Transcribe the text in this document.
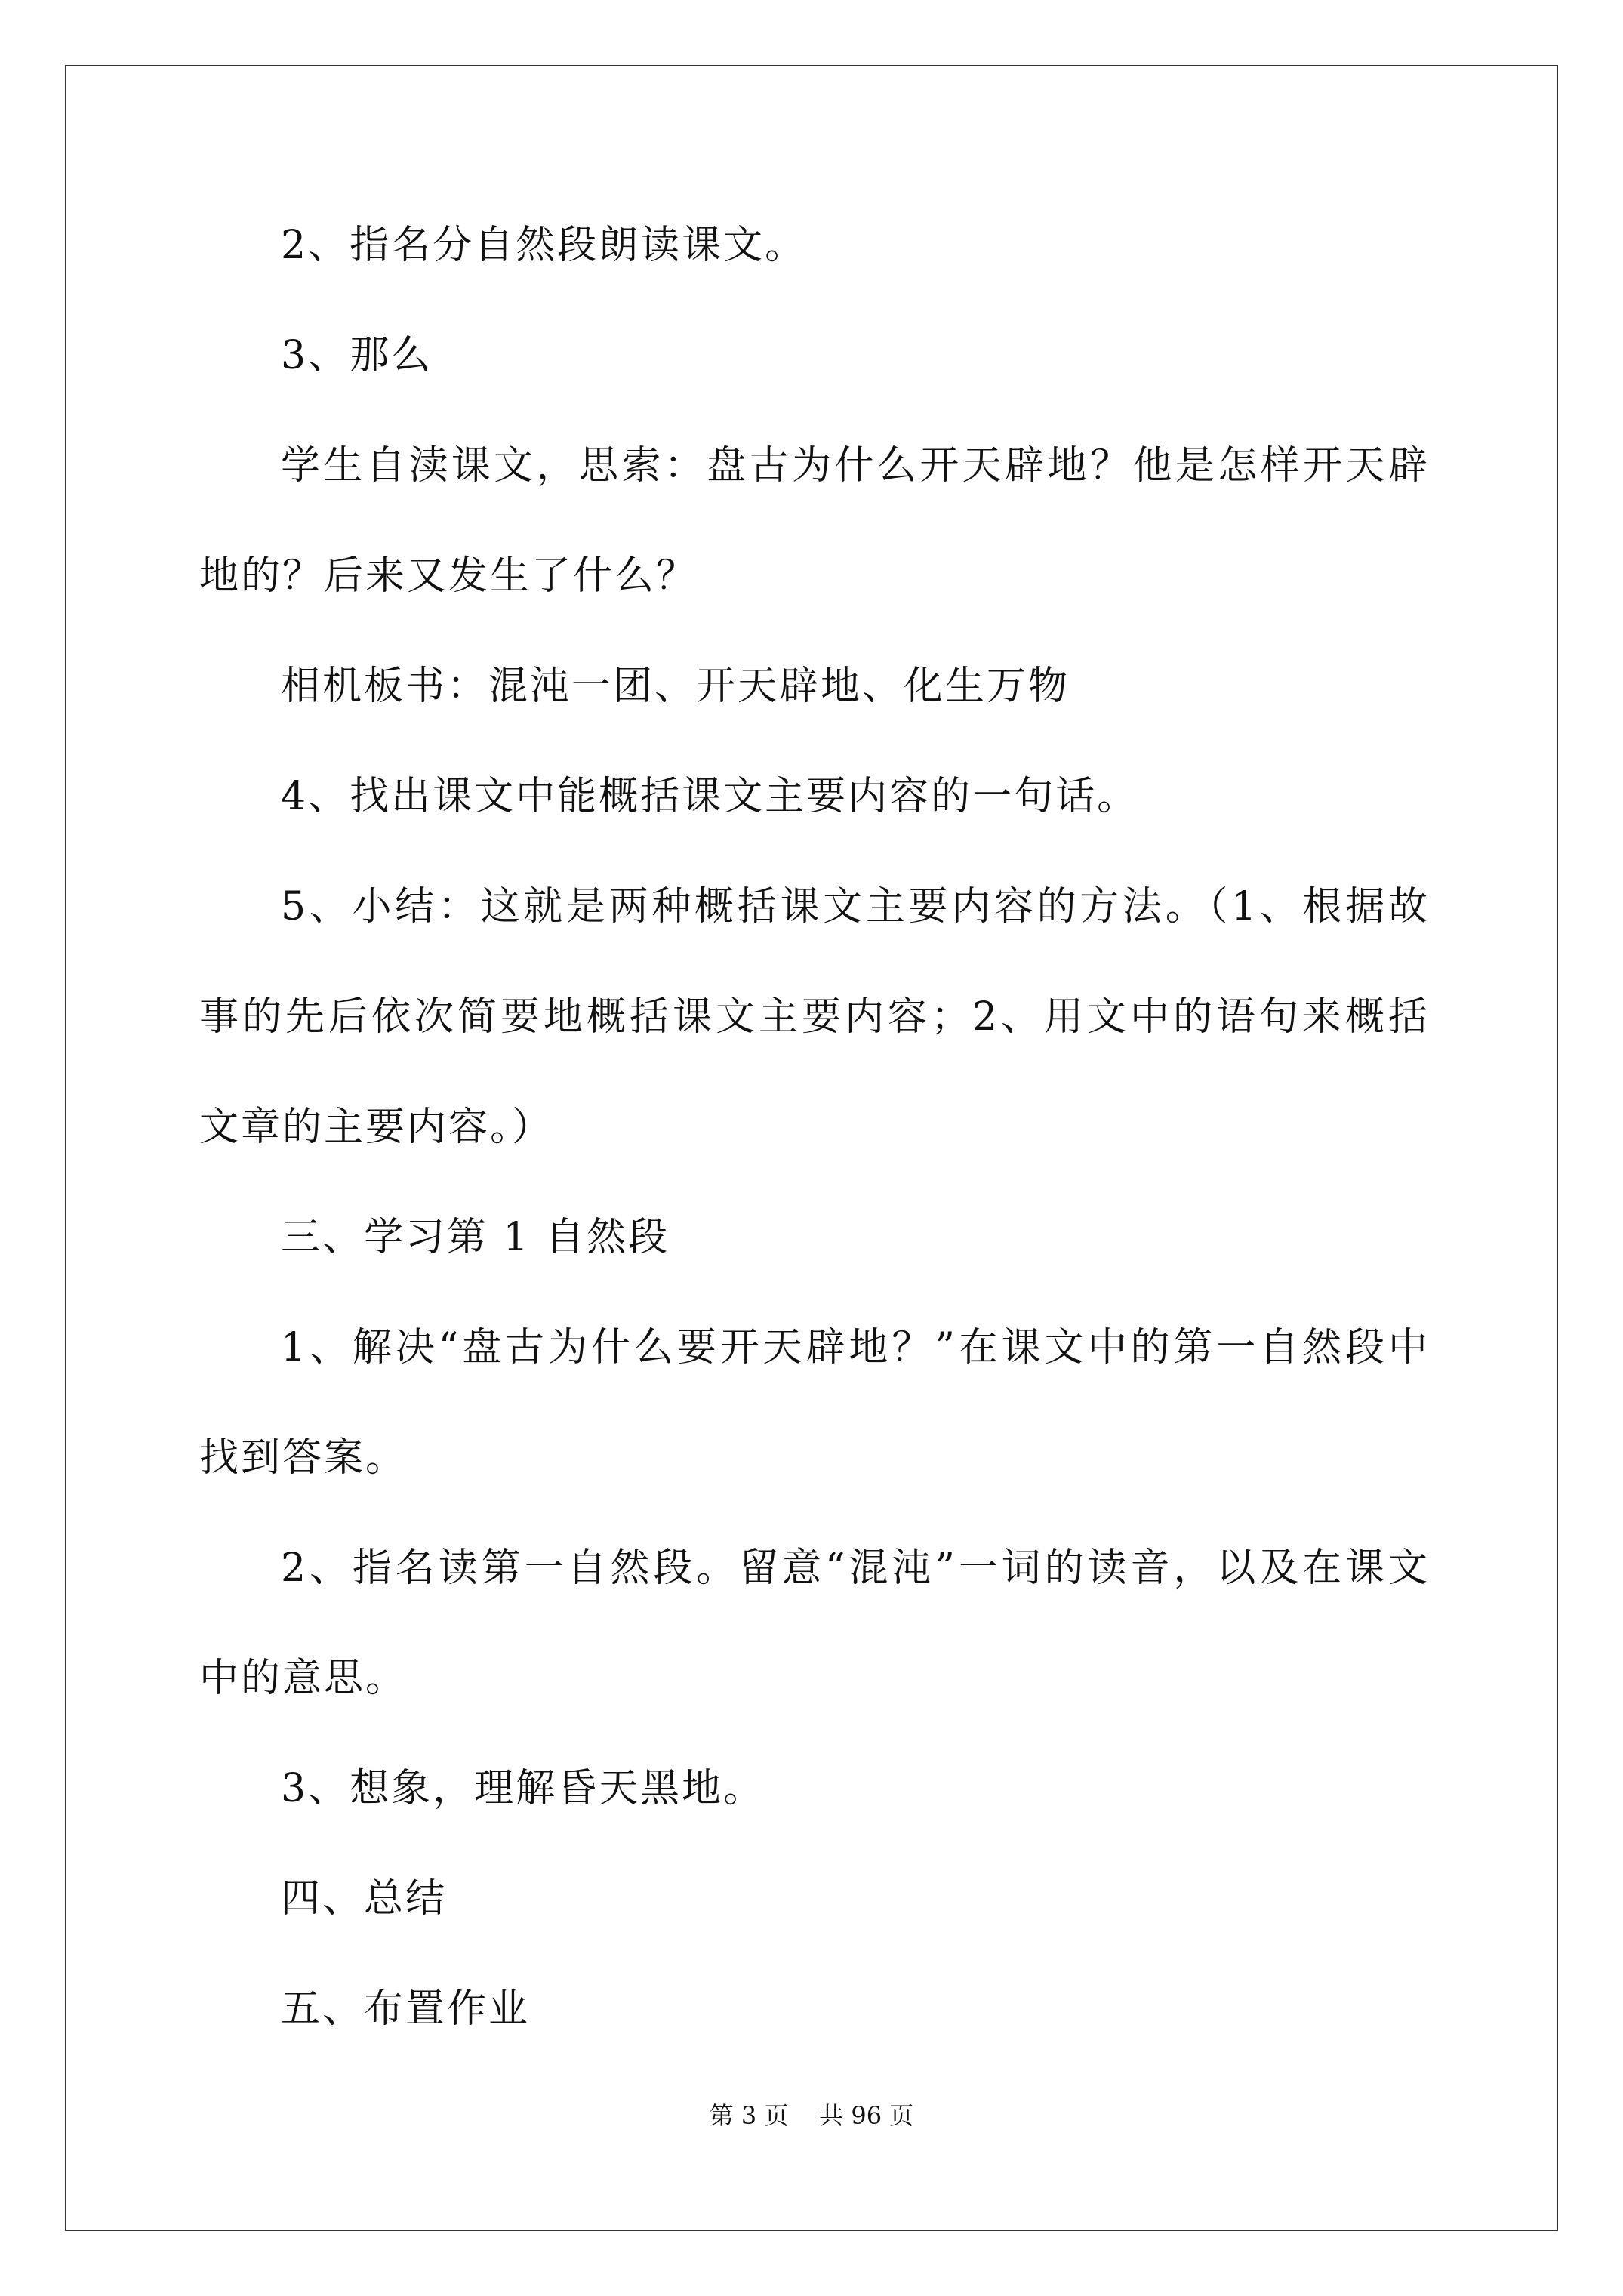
2、指名分自然段朗读课文。

3、那么

学生自渎课文，思索：盘古为什么开天辟地？他是怎样开天辟地的？后来又发生了什么？

相机板书：混沌一团、开天辟地、化生万物

4、找出课文中能概括课文主要内容的一句话。

5、小结：这就是两种概括课文主要内容的方法。（1、根据故事的先后依次简要地概括课文主要内容；2、用文中的语句来概括文章的主要内容。）

三、学习第 1 自然段

1、解决“盘古为什么要开天辟地？”在课文中的第一自然段中找到答案。

2、指名读第一自然段。留意“混沌”一词的读音，以及在课文中的意思。

3、想象，理解昏天黑地。

四、总结

五、布置作业

第 3 页 共 96 页
